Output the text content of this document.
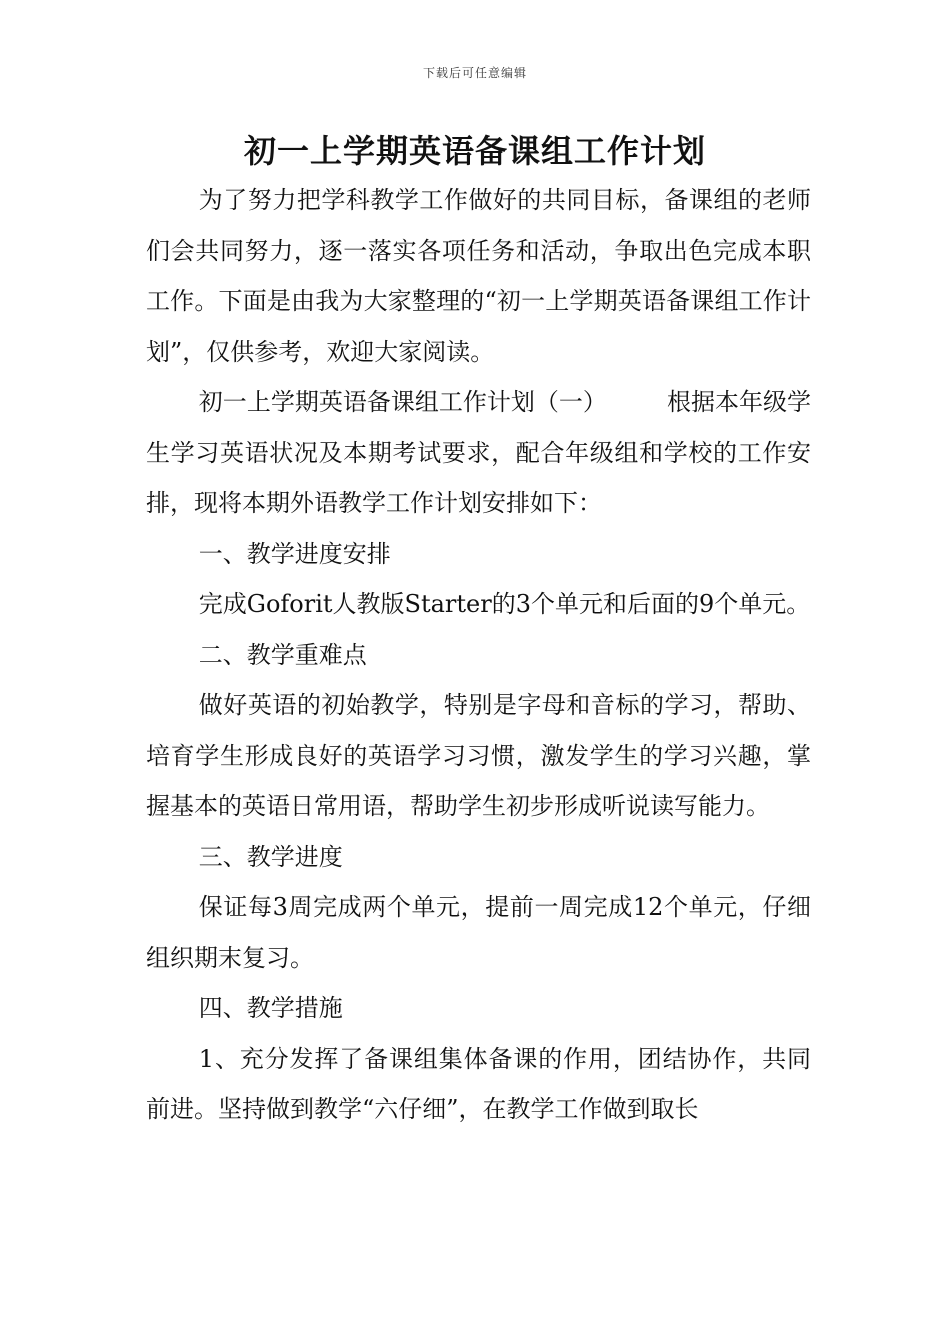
下载后可任意编辑
初一上学期英语备课组工作计划

为了努力把学科教学工作做好的共同目标，备课组的老师们会共同努力，逐一落实各项任务和活动，争取出色完成本职工作。下面是由我为大家整理的“初一上学期英语备课组工作计划”，仅供参考，欢迎大家阅读。

初一上学期英语备课组工作计划（一）	根据本年级学生学习英语状况及本期考试要求，配合年级组和学校的工作安排，现将本期外语教学工作计划安排如下：

一、教学进度安排

完成Goforit人教版Starter的3个单元和后面的9个单元。

二、教学重难点

做好英语的初始教学，特别是字母和音标的学习，帮助、培育学生形成良好的英语学习习惯，激发学生的学习兴趣，掌握基本的英语日常用语，帮助学生初步形成听说读写能力。

三、教学进度

保证每3周完成两个单元，提前一周完成12个单元，仔细组织期末复习。

四、教学措施

1、充分发挥了备课组集体备课的作用，团结协作，共同前进。坚持做到教学“六仔细”，在教学工作做到取长
